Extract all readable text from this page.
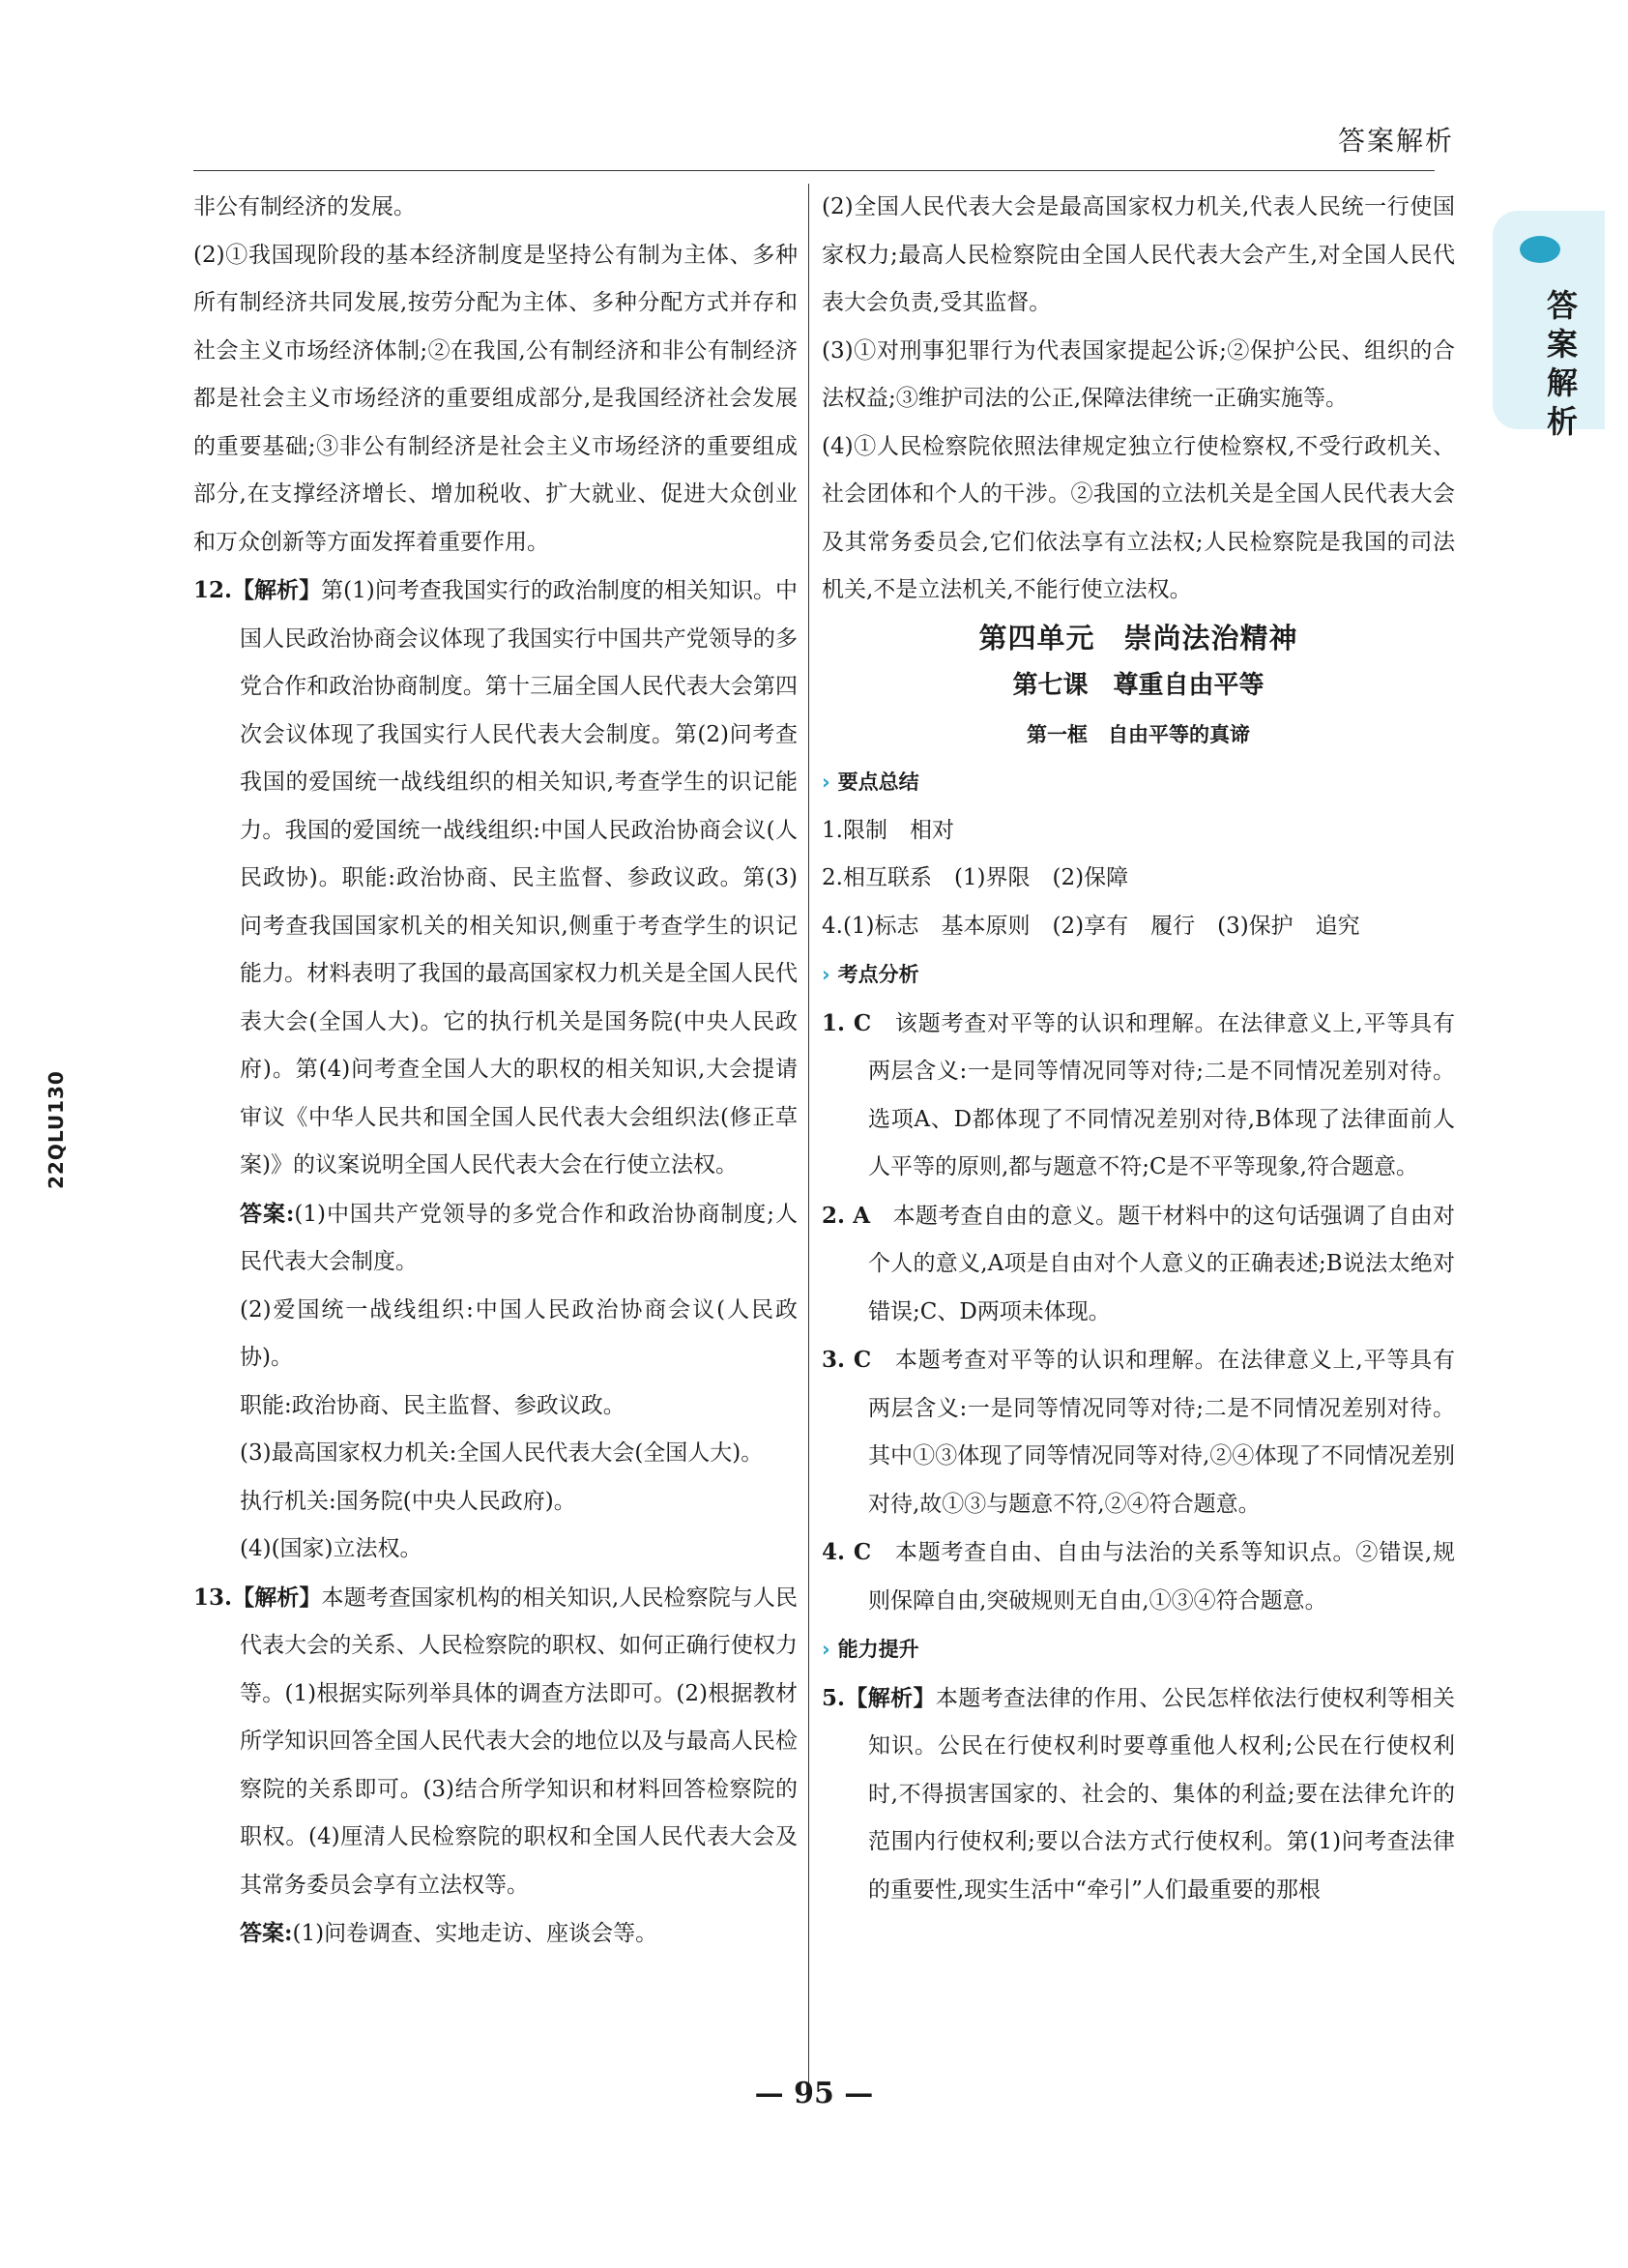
答案解析
答案解析
22QLU130

非公有制经济的发展。

(2)①我国现阶段的基本经济制度是坚持公有制为主体、多种所有制经济共同发展,按劳分配为主体、多种分配方式并存和社会主义市场经济体制;②在我国,公有制经济和非公有制经济都是社会主义市场经济的重要组成部分,是我国经济社会发展的重要基础;③非公有制经济是社会主义市场经济的重要组成部分,在支撑经济增长、增加税收、扩大就业、促进大众创业和万众创新等方面发挥着重要作用。

12.【解析】第(1)问考查我国实行的政治制度的相关知识。中国人民政治协商会议体现了我国实行中国共产党领导的多党合作和政治协商制度。第十三届全国人民代表大会第四次会议体现了我国实行人民代表大会制度。第(2)问考查我国的爱国统一战线组织的相关知识,考查学生的识记能力。我国的爱国统一战线组织:中国人民政治协商会议(人民政协)。职能:政治协商、民主监督、参政议政。第(3)问考查我国国家机关的相关知识,侧重于考查学生的识记能力。材料表明了我国的最高国家权力机关是全国人民代表大会(全国人大)。它的执行机关是国务院(中央人民政府)。第(4)问考查全国人大的职权的相关知识,大会提请审议《中华人民共和国全国人民代表大会组织法(修正草案)》的议案说明全国人民代表大会在行使立法权。

答案:(1)中国共产党领导的多党合作和政治协商制度;人民代表大会制度。

(2)爱国统一战线组织:中国人民政治协商会议(人民政协)。

职能:政治协商、民主监督、参政议政。

(3)最高国家权力机关:全国人民代表大会(全国人大)。

执行机关:国务院(中央人民政府)。

(4)(国家)立法权。

13.【解析】本题考查国家机构的相关知识,人民检察院与人民代表大会的关系、人民检察院的职权、如何正确行使权力等。(1)根据实际列举具体的调查方法即可。(2)根据教材所学知识回答全国人民代表大会的地位以及与最高人民检察院的关系即可。(3)结合所学知识和材料回答检察院的职权。(4)厘清人民检察院的职权和全国人民代表大会及其常务委员会享有立法权等。

答案:(1)问卷调查、实地走访、座谈会等。

(2)全国人民代表大会是最高国家权力机关,代表人民统一行使国家权力;最高人民检察院由全国人民代表大会产生,对全国人民代表大会负责,受其监督。

(3)①对刑事犯罪行为代表国家提起公诉;②保护公民、组织的合法权益;③维护司法的公正,保障法律统一正确实施等。

(4)①人民检察院依照法律规定独立行使检察权,不受行政机关、社会团体和个人的干涉。②我国的立法机关是全国人民代表大会及其常务委员会,它们依法享有立法权;人民检察院是我国的司法机关,不是立法机关,不能行使立法权。

第四单元　崇尚法治精神

第七课　尊重自由平等

第一框　自由平等的真谛

› 要点总结

1.限制　相对

2.相互联系　(1)界限　(2)保障

4.(1)标志　基本原则　(2)享有　履行　(3)保护　追究

› 考点分析

1. C　 该题考查对平等的认识和理解。在法律意义上,平等具有两层含义:一是同等情况同等对待;二是不同情况差别对待。选项A、D都体现了不同情况差别对待,B体现了法律面前人人平等的原则,都与题意不符;C是不平等现象,符合题意。

2. A　 本题考查自由的意义。题干材料中的这句话强调了自由对个人的意义,A项是自由对个人意义的正确表述;B说法太绝对错误;C、D两项未体现。

3. C　 本题考查对平等的认识和理解。在法律意义上,平等具有两层含义:一是同等情况同等对待;二是不同情况差别对待。其中①③体现了同等情况同等对待,②④体现了不同情况差别对待,故①③与题意不符,②④符合题意。

4. C　 本题考查自由、自由与法治的关系等知识点。②错误,规则保障自由,突破规则无自由,①③④符合题意。

› 能力提升

5.【解析】本题考查法律的作用、公民怎样依法行使权利等相关知识。公民在行使权利时要尊重他人权利;公民在行使权利时,不得损害国家的、社会的、集体的利益;要在法律允许的范围内行使权利;要以合法方式行使权利。第(1)问考查法律的重要性,现实生活中“牵引”人们最重要的那根

— 95 —
